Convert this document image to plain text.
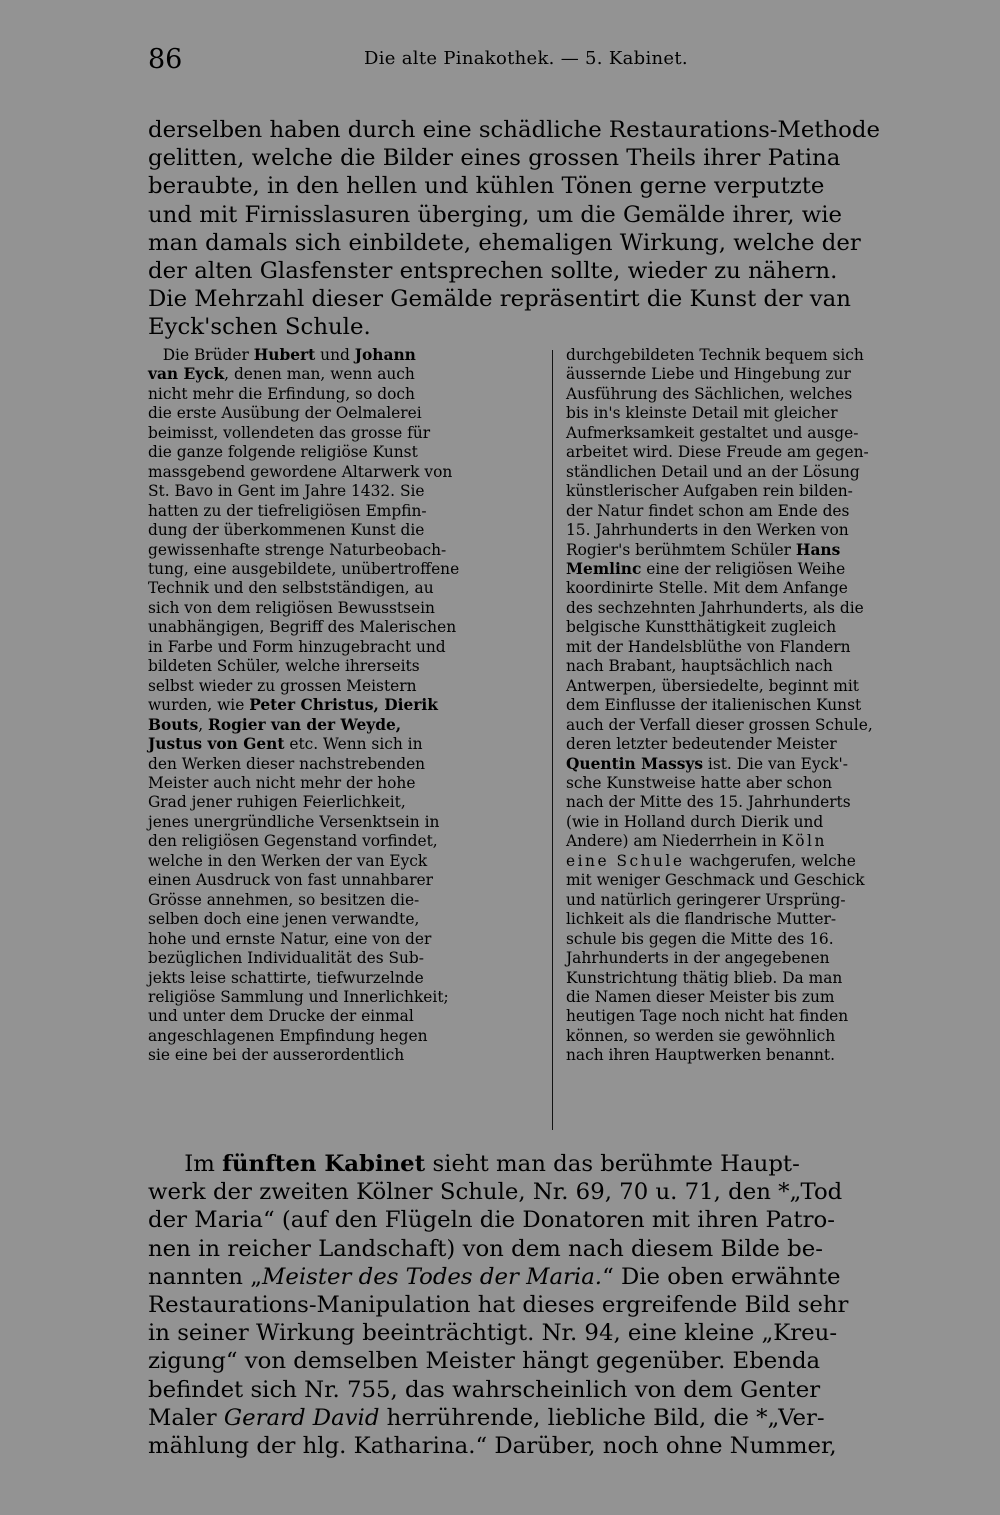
86	Die alte Pinakothek. — 5. Kabinet.
derselben haben durch eine schädliche Restaurations-Methode
gelitten, welche die Bilder eines grossen Theils ihrer Patina
beraubte, in den hellen und kühlen Tönen gerne verputzte
und mit Firnisslasuren überging, um die Gemälde ihrer, wie
man damals sich einbildete, ehemaligen Wirkung, welche der
der alten Glasfenster entsprechen sollte, wieder zu nähern.
Die Mehrzahl dieser Gemälde repräsentirt die Kunst der van
Eyck'schen Schule.
Die Brüder Hubert und Johann
van Eyck, denen man, wenn auch
nicht mehr die Erfindung, so doch
die erste Ausübung der Oelmalerei
beimisst, vollendeten das grosse für
die ganze folgende religiöse Kunst
massgebend gewordene Altarwerk von
St. Bavo in Gent im Jahre 1432. Sie
hatten zu der tiefreligiösen Empfin-
dung der überkommenen Kunst die
gewissenhafte strenge Naturbeobach-
tung, eine ausgebildete, unübertroffene
Technik und den selbstständigen, au
sich von dem religiösen Bewusstsein
unabhängigen, Begriff des Malerischen
in Farbe und Form hinzugebracht und
bildeten Schüler, welche ihrerseits
selbst wieder zu grossen Meistern
wurden, wie Peter Christus, Dierik
Bouts, Rogier van der Weyde,
Justus von Gent etc. Wenn sich in
den Werken dieser nachstrebenden
Meister auch nicht mehr der hohe
Grad jener ruhigen Feierlichkeit,
jenes unergründliche Versenktsein in
den religiösen Gegenstand vorfindet,
welche in den Werken der van Eyck
einen Ausdruck von fast unnahbarer
Grösse annehmen, so besitzen die-
selben doch eine jenen verwandte,
hohe und ernste Natur, eine von der
bezüglichen Individualität des Sub-
jekts leise schattirte, tiefwurzelnde
religiöse Sammlung und Innerlichkeit;
und unter dem Drucke der einmal
angeschlagenen Empfindung hegen
sie eine bei der ausserordentlich
durchgebildeten Technik bequem sich
äussernde Liebe und Hingebung zur
Ausführung des Sächlichen, welches
bis in's kleinste Detail mit gleicher
Aufmerksamkeit gestaltet und ausge-
arbeitet wird. Diese Freude am gegen-
ständlichen Detail und an der Lösung
künstlerischer Aufgaben rein bilden-
der Natur findet schon am Ende des
15. Jahrhunderts in den Werken von
Rogier's berühmtem Schüler Hans
Memlinc eine der religiösen Weihe
koordinirte Stelle. Mit dem Anfange
des sechzehnten Jahrhunderts, als die
belgische Kunstthätigkeit zugleich
mit der Handelsblüthe von Flandern
nach Brabant, hauptsächlich nach
Antwerpen, übersiedelte, beginnt mit
dem Einflusse der italienischen Kunst
auch der Verfall dieser grossen Schule,
deren letzter bedeutender Meister
Quentin Massys ist. Die van Eyck'-
sche Kunstweise hatte aber schon
nach der Mitte des 15. Jahrhunderts
(wie in Holland durch Dierik und
Andere) am Niederrhein in Köln
eine Schule wachgerufen, welche
mit weniger Geschmack und Geschick
und natürlich geringerer Ursprüng-
lichkeit als die flandrische Mutter-
schule bis gegen die Mitte des 16.
Jahrhunderts in der angegebenen
Kunstrichtung thätig blieb. Da man
die Namen dieser Meister bis zum
heutigen Tage noch nicht hat finden
können, so werden sie gewöhnlich
nach ihren Hauptwerken benannt.
Im fünften Kabinet sieht man das berühmte Haupt-
werk der zweiten Kölner Schule, Nr. 69, 70 u. 71, den *„Tod
der Maria“ (auf den Flügeln die Donatoren mit ihren Patro-
nen in reicher Landschaft) von dem nach diesem Bilde be-
nannten „Meister des Todes der Maria.“ Die oben erwähnte
Restaurations-Manipulation hat dieses ergreifende Bild sehr
in seiner Wirkung beeinträchtigt. Nr. 94, eine kleine „Kreu-
zigung“ von demselben Meister hängt gegenüber. Ebenda
befindet sich Nr. 755, das wahrscheinlich von dem Genter
Maler Gerard David herrührende, liebliche Bild, die *„Ver-
mählung der hlg. Katharina.“ Darüber, noch ohne Nummer,
